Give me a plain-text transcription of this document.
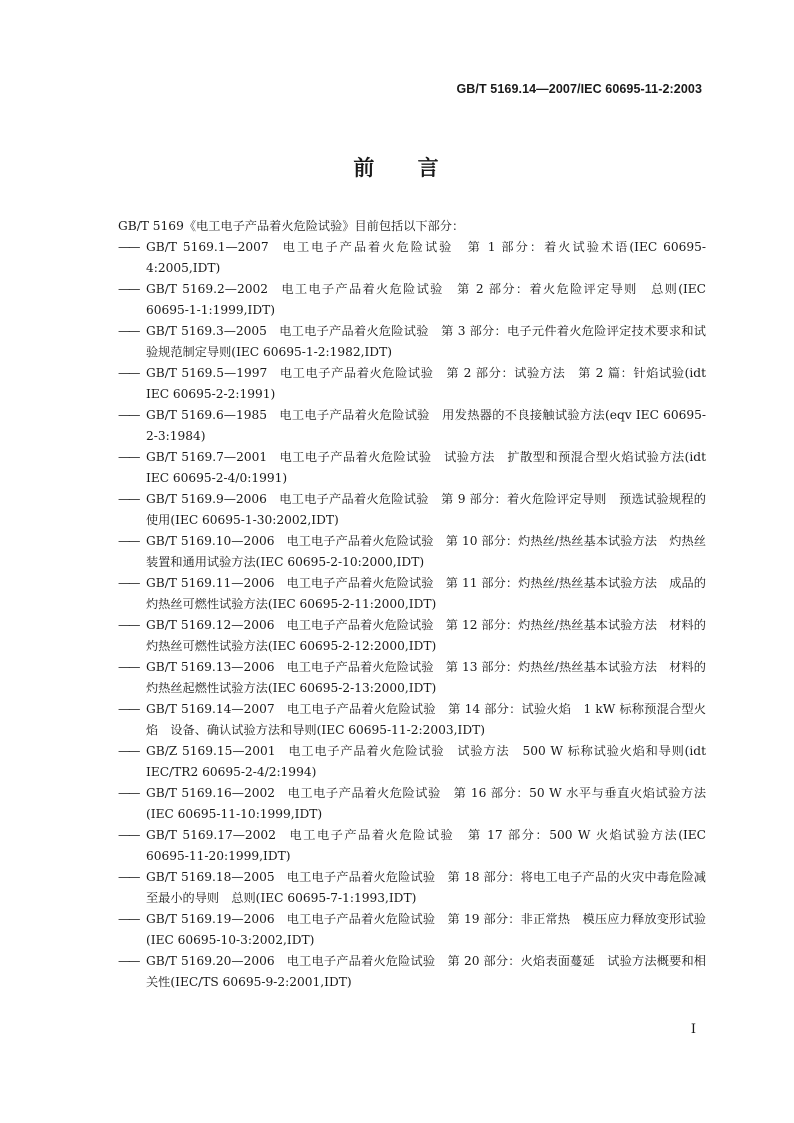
GB/T 5169.14—2007/IEC 60695-11-2:2003
前 言

GB/T 5169《电工电子产品着火危险试验》目前包括以下部分：

—— GB/T 5169.1—2007 电工电子产品着火危险试验　第 1 部分：着火试验术语(IEC 60695-4:2005,IDT)
—— GB/T 5169.2—2002 电工电子产品着火危险试验　第 2 部分：着火危险评定导则　总则(IEC 60695-1-1:1999,IDT)
—— GB/T 5169.3—2005 电工电子产品着火危险试验　第 3 部分：电子元件着火危险评定技术要求和试验规范制定导则(IEC 60695-1-2:1982,IDT)
—— GB/T 5169.5—1997 电工电子产品着火危险试验　第 2 部分：试验方法　第 2 篇：针焰试验(idt IEC 60695-2-2:1991)
—— GB/T 5169.6—1985 电工电子产品着火危险试验　用发热器的不良接触试验方法(eqv IEC 60695-2-3:1984)
—— GB/T 5169.7—2001 电工电子产品着火危险试验　试验方法　扩散型和预混合型火焰试验方法(idt IEC 60695-2-4/0:1991)
—— GB/T 5169.9—2006 电工电子产品着火危险试验　第 9 部分：着火危险评定导则　预选试验规程的使用(IEC 60695-1-30:2002,IDT)
—— GB/T 5169.10—2006 电工电子产品着火危险试验　第 10 部分：灼热丝/热丝基本试验方法　灼热丝装置和通用试验方法(IEC 60695-2-10:2000,IDT)
—— GB/T 5169.11—2006 电工电子产品着火危险试验　第 11 部分：灼热丝/热丝基本试验方法　成品的灼热丝可燃性试验方法(IEC 60695-2-11:2000,IDT)
—— GB/T 5169.12—2006 电工电子产品着火危险试验　第 12 部分：灼热丝/热丝基本试验方法　材料的灼热丝可燃性试验方法(IEC 60695-2-12:2000,IDT)
—— GB/T 5169.13—2006 电工电子产品着火危险试验　第 13 部分：灼热丝/热丝基本试验方法　材料的灼热丝起燃性试验方法(IEC 60695-2-13:2000,IDT)
—— GB/T 5169.14—2007 电工电子产品着火危险试验　第 14 部分：试验火焰　1 kW 标称预混合型火焰　设备、确认试验方法和导则(IEC 60695-11-2:2003,IDT)
—— GB/Z 5169.15—2001 电工电子产品着火危险试验　试验方法　500 W 标称试验火焰和导则(idt IEC/TR2 60695-2-4/2:1994)
—— GB/T 5169.16—2002 电工电子产品着火危险试验　第 16 部分：50 W 水平与垂直火焰试验方法(IEC 60695-11-10:1999,IDT)
—— GB/T 5169.17—2002 电工电子产品着火危险试验　第 17 部分：500 W 火焰试验方法(IEC 60695-11-20:1999,IDT)
—— GB/T 5169.18—2005 电工电子产品着火危险试验　第 18 部分：将电工电子产品的火灾中毒危险减至最小的导则　总则(IEC 60695-7-1:1993,IDT)
—— GB/T 5169.19—2006 电工电子产品着火危险试验　第 19 部分：非正常热　模压应力释放变形试验(IEC 60695-10-3:2002,IDT)
—— GB/T 5169.20—2006 电工电子产品着火危险试验　第 20 部分：火焰表面蔓延　试验方法概要和相关性(IEC/TS 60695-9-2:2001,IDT)
I
